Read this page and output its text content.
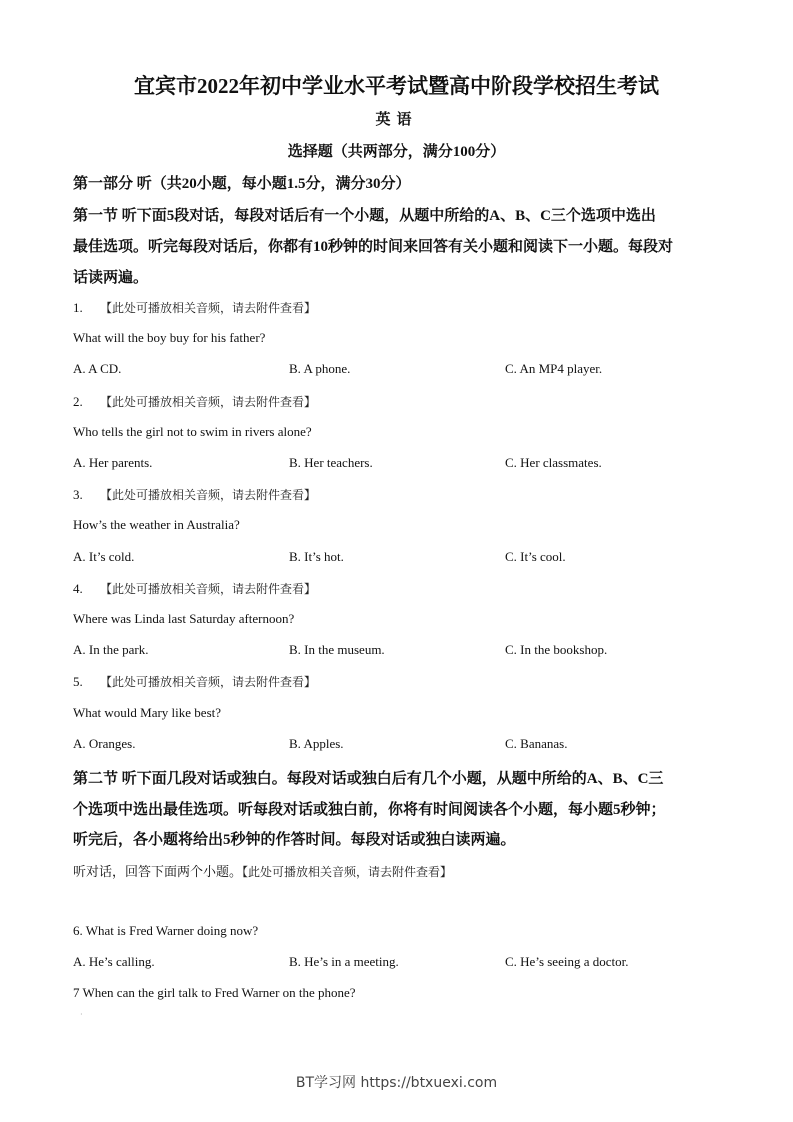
宜宾市2022年初中学业水平考试暨高中阶段学校招生考试
英语
选择题（共两部分，满分100分）
第一部分 听（共20小题，每小题1.5分，满分30分）
第一节 听下面5段对话，每段对话后有一个小题，从题中所给的A、B、C三个选项中选出
最佳选项。听完每段对话后，你都有10秒钟的时间来回答有关小题和阅读下一小题。每段对
话读两遍。
1. 【此处可播放相关音频，请去附件查看】
What will the boy buy for his father?
A. A CD.	B. A phone.	C. An MP4 player.
2. 【此处可播放相关音频，请去附件查看】
Who tells the girl not to swim in rivers alone?
A. Her parents.	B. Her teachers.	C. Her classmates.
3. 【此处可播放相关音频，请去附件查看】
How’s the weather in Australia?
A. It’s cold.	B. It’s hot.	C. It’s cool.
4. 【此处可播放相关音频，请去附件查看】
Where was Linda last Saturday afternoon?
A. In the park.	B. In the museum.	C. In the bookshop.
5. 【此处可播放相关音频，请去附件查看】
What would Mary like best?
A. Oranges.	B. Apples.	C. Bananas.
第二节 听下面几段对话或独白。每段对话或独白后有几个小题，从题中所给的A、B、C三
个选项中选出最佳选项。听每段对话或独白前，你将有时间阅读各个小题，每小题5秒钟；
听完后，各小题将给出5秒钟的作答时间。每段对话或独白读两遍。
听对话，回答下面两个小题。【此处可播放相关音频，请去附件查看】
6. What is Fred Warner doing now?
A. He’s calling.	B. He’s in a meeting.	C. He’s seeing a doctor.
7 When can the girl talk to Fred Warner on the phone?
·
BT学习网 https://btxuexi.com
